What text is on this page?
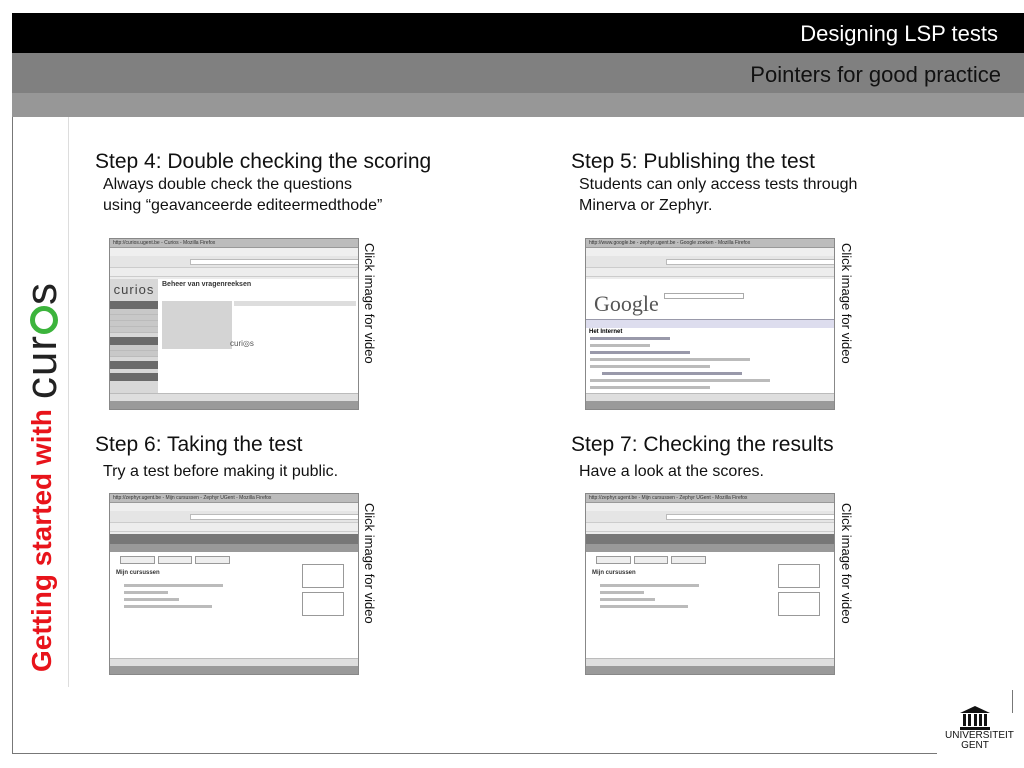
Designing LSP tests
Pointers for good practice
Getting started with
curs
Step 4: Double checking the scoring

Always double check the questions

using “geavanceerde editeermedthode”

http://curios.ugent.be - Curios - Mozilla Firefox
curios	Beheer van vragenreeksen
curi◎s	Click image for video
Step 5: Publishing the test

Students can only access tests through

Minerva or Zephyr.

http://www.google.be - zephyr.ugent.be - Google zoeken - Mozilla Firefox
Google
Het Internet	Click image for video
Step 6: Taking the test

Try a test before making it public.

http://zephyr.ugent.be - Mijn cursussen - Zephyr UGent - Mozilla Firefox
Mijn cursussen	Click image for video
Step 7: Checking the results

Have a look at the scores.

http://zephyr.ugent.be - Mijn cursussen - Zephyr UGent - Mozilla Firefox
Mijn cursussen	Click image for video
UNIVERSITEIT
GENT
